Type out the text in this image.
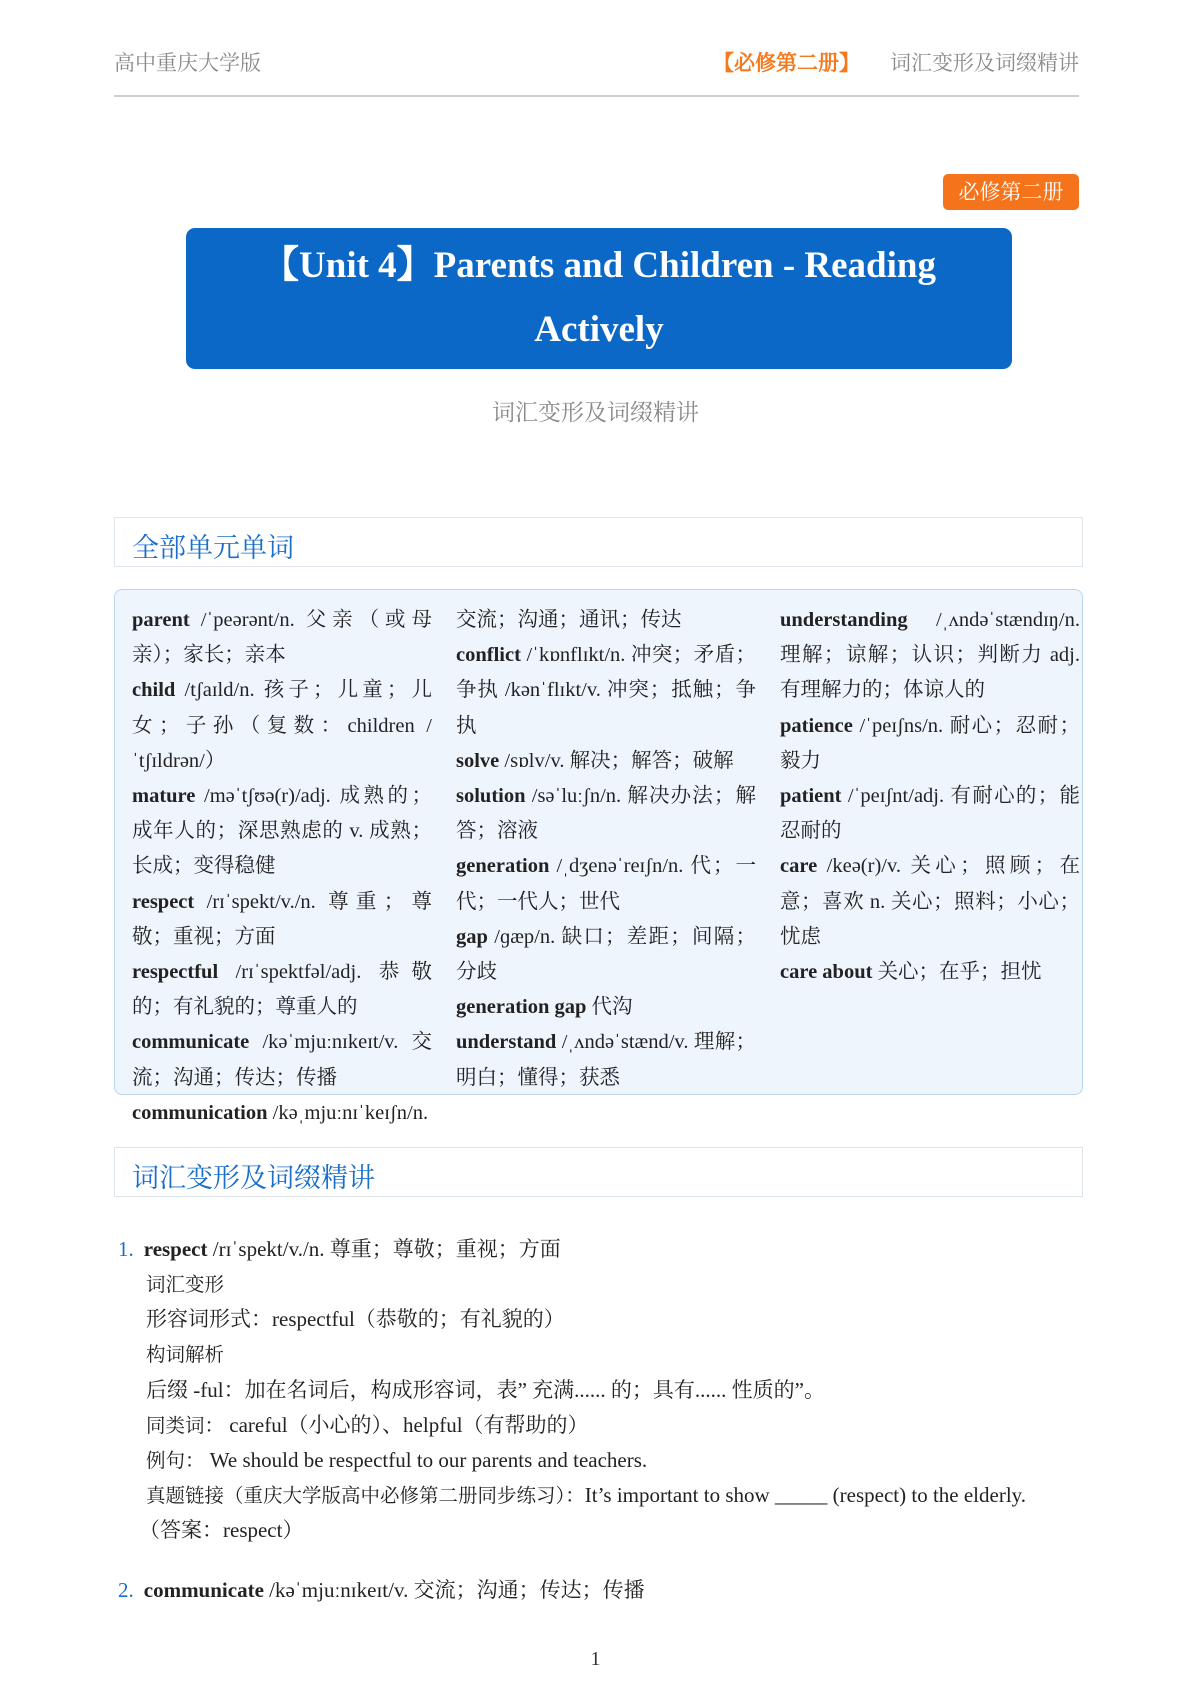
高中重庆大学版	【必修第二册】 词汇变形及词缀精讲
必修第二册
【Unit 4】Parents and Children - Reading
Actively
词汇变形及词缀精讲
全部单元单词

parent /ˈpeərənt/n. 父亲（或母亲）；家长；亲本

child /tʃaɪld/n. 孩子；儿童；儿女；子孙（复数：children /ˈtʃɪldrən/）

mature /məˈtʃʊə(r)/adj. 成熟的；成年人的；深思熟虑的 v. 成熟；长成；变得稳健

respect /rɪˈspekt/v./n. 尊重；尊敬；重视；方面

respectful /rɪˈspektfəl/adj. 恭敬的；有礼貌的；尊重人的

communicate /kəˈmjuːnɪkeɪt/v. 交流；沟通；传达；传播

communication /kəˌmjuːnɪˈkeɪʃn/n.

交流；沟通；通讯；传达

conflict /ˈkɒnflɪkt/n. 冲突；矛盾；争执 /kənˈflɪkt/v. 冲突；抵触；争执

solve /sɒlv/v. 解决；解答；破解

solution /səˈluːʃn/n. 解决办法；解答；溶液

generation /ˌdʒenəˈreɪʃn/n. 代；一代；一代人；世代

gap /ɡæp/n. 缺口；差距；间隔；分歧

generation gap 代沟

understand /ˌʌndəˈstænd/v. 理解；明白；懂得；获悉

understanding /ˌʌndəˈstændɪŋ/n. 理解；谅解；认识；判断力 adj. 有理解力的；体谅人的

patience /ˈpeɪʃns/n. 耐心；忍耐；毅力

patient /ˈpeɪʃnt/adj. 有耐心的；能忍耐的

care /keə(r)/v. 关心；照顾；在意；喜欢 n. 关心；照料；小心；忧虑

care about 关心；在乎；担忧

词汇变形及词缀精讲
1. respect /rɪˈspekt/v./n. 尊重；尊敬；重视；方面
词汇变形
形容词形式：respectful（恭敬的；有礼貌的）
构词解析
后缀 -ful：加在名词后，构成形容词，表” 充满...... 的；具有...... 性质的”。
同类词： careful（小心的）、helpful（有帮助的）
例句： We should be respectful to our parents and teachers.
真题链接（重庆大学版高中必修第二册同步练习）：It’s important to show _____ (respect) to the elderly.
（答案：respect）
2. communicate /kəˈmjuːnɪkeɪt/v. 交流；沟通；传达；传播
1
